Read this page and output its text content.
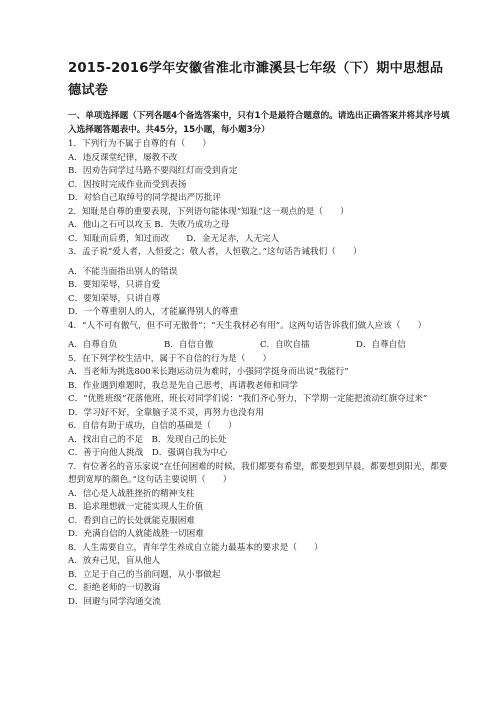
2015-2016学年安徽省淮北市濉溪县七年级（下）期中思想品德试卷
一、单项选择题（下列各题4个备选答案中，只有1个是最符合题意的。请选出正确答案并将其序号填入选择题答题表中。共45分，15小题，每小题3分）
1．下列行为不属于自尊的有（　　）
A．违反课堂纪律，屡教不改
B．因劝告同学过马路不要闯红灯而受到肯定
C．因按时完成作业而受到表扬
D．对恰自己取绰号的同学提出严厉批评
2．知耻是自尊的重要表现，下列语句能体现“知耻”这一观点的是（　　）
A．他山之石可以攻玉 B．失败乃成功之母
C．知耻而后勇，知过而改　　D．金无足赤，人无完人
3．孟子说“爱人者，人恒爱之；敬人者，人恒敬之。”这句话告诫我们（　　）
A．不能当面指出别人的错误
B．要知荣辱，只讲自爱
C．要知荣辱，只讲自尊
D．一个尊重别人的人，才能赢得别人的尊重
4．“人不可有傲气，但不可无傲骨”；“天生我材必有用”。这两句话告诉我们做人应该（　　）
A．自尊自负	B．自信自傲	C．自吹自擂	D．自尊自信
5．在下列学校生活中，属于不自信的行为是（　　）
A．当老师为挑选800米长跑运动员为难时，小强同学挺身而出说“我能行”
B．作业遇到难题时，我总是先自己思考，再请教老师和同学
C．“优胜班级”花落他班，班长对同学们说：“我们齐心努力，下学期一定能把流动红旗夺过来”
D．学习好不好，全靠脑子灵不灵，再努力也没有用
6．自信有助于成功，自信的基础是（　　）
A．找出自己的不足　B．发现自己的长处
C．善于向他人挑战　D．强调自我为中心
7．有位著名的音乐家说“在任何困难的时候，我们都要有希望，都要想到早晨，都要想到阳光，都要想到宽厚的颜色。”这句话主要说明（　　）
A．信心是人战胜挫折的精神支柱
B．追求理想就一定能实现人生价值
C．看到自己的长处就能克服困难
D．充满自信的人就能战胜一切困难
8．人生需要自立，青年学生养成自立能力最基本的要求是（　　）
A．放弃己见，盲从他人
B．立足于自己的当前问题，从小事做起
C．拒绝老师的一切教诲
D．回避与同学沟通交流
